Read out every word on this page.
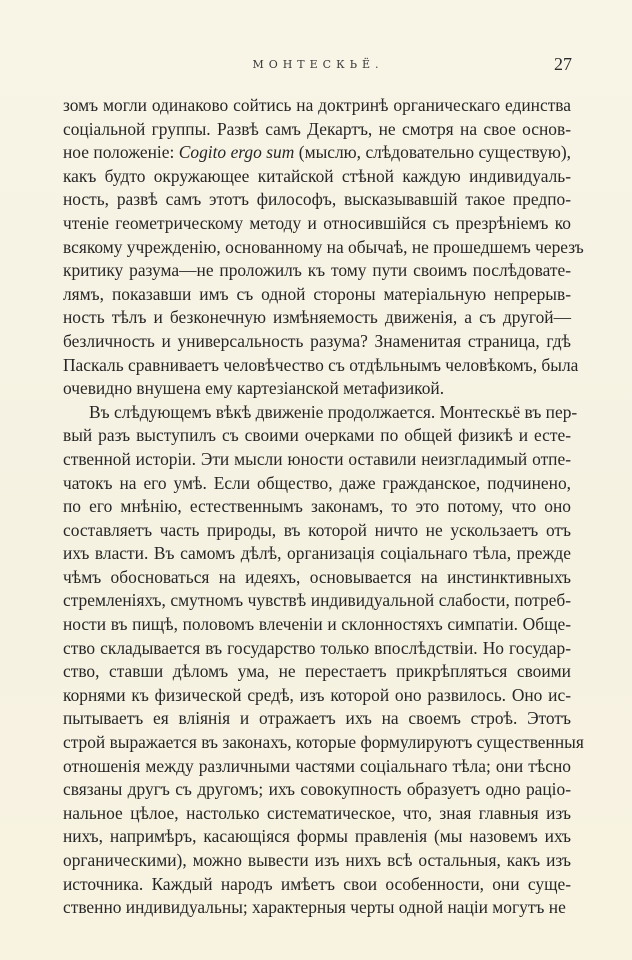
МОНТЕСКЬЁ.	27
зомъ могли одинаково сойтись на доктринѣ органическаго единства
соціальной группы. Развѣ самъ Декартъ, не смотря на свое основ-
ное положеніе: Cogito ergo sum (мыслю, слѣдовательно существую),
какъ будто окружающее китайской стѣной каждую индивидуаль-
ность, развѣ самъ этотъ философъ, высказывавшій такое предпо-
чтеніе геометрическому методу и относившійся съ презрѣніемъ ко
всякому учрежденію, основанному на обычаѣ, не прошедшемъ черезъ
критику разума—не проложилъ къ тому пути своимъ послѣдовате-
лямъ, показавши имъ съ одной стороны матеріальную непрерыв-
ность тѣлъ и безконечную измѣняемость движенія, а съ другой—
безличность и универсальность разума? Знаменитая страница, гдѣ
Паскаль сравниваетъ человѣчество съ отдѣльнымъ человѣкомъ, была
очевидно внушена ему картезіанской метафизикой.
Въ слѣдующемъ вѣкѣ движеніе продолжается. Монтескьё въ пер-
вый разъ выступилъ съ своими очерками по общей физикѣ и есте-
ственной исторіи. Эти мысли юности оставили неизгладимый отпе-
чатокъ на его умѣ. Если общество, даже гражданское, подчинено,
по его мнѣнію, естественнымъ законамъ, то это потому, что оно
составляетъ часть природы, въ которой ничто не ускользаетъ отъ
ихъ власти. Въ самомъ дѣлѣ, организація соціальнаго тѣла, прежде
чѣмъ обосноваться на идеяхъ, основывается на инстинктивныхъ
стремленіяхъ, смутномъ чувствѣ индивидуальной слабости, потреб-
ности въ пищѣ, половомъ влеченіи и склонностяхъ симпатіи. Обще-
ство складывается въ государство только впослѣдствіи. Но государ-
ство, ставши дѣломъ ума, не перестаетъ прикрѣпляться своими
корнями къ физической средѣ, изъ которой оно развилось. Оно ис-
пытываетъ ея вліянія и отражаетъ ихъ на своемъ строѣ. Этотъ
строй выражается въ законахъ, которые формулируютъ существенныя
отношенія между различными частями соціальнаго тѣла; они тѣсно
связаны другъ съ другомъ; ихъ совокупность образуетъ одно раціо-
нальное цѣлое, настолько систематическое, что, зная главныя изъ
нихъ, напримѣръ, касающіяся формы правленія (мы назовемъ ихъ
органическими), можно вывести изъ нихъ всѣ остальныя, какъ изъ
источника. Каждый народъ имѣетъ свои особенности, они суще-
ственно индивидуальны; характерныя черты одной націи могутъ не
